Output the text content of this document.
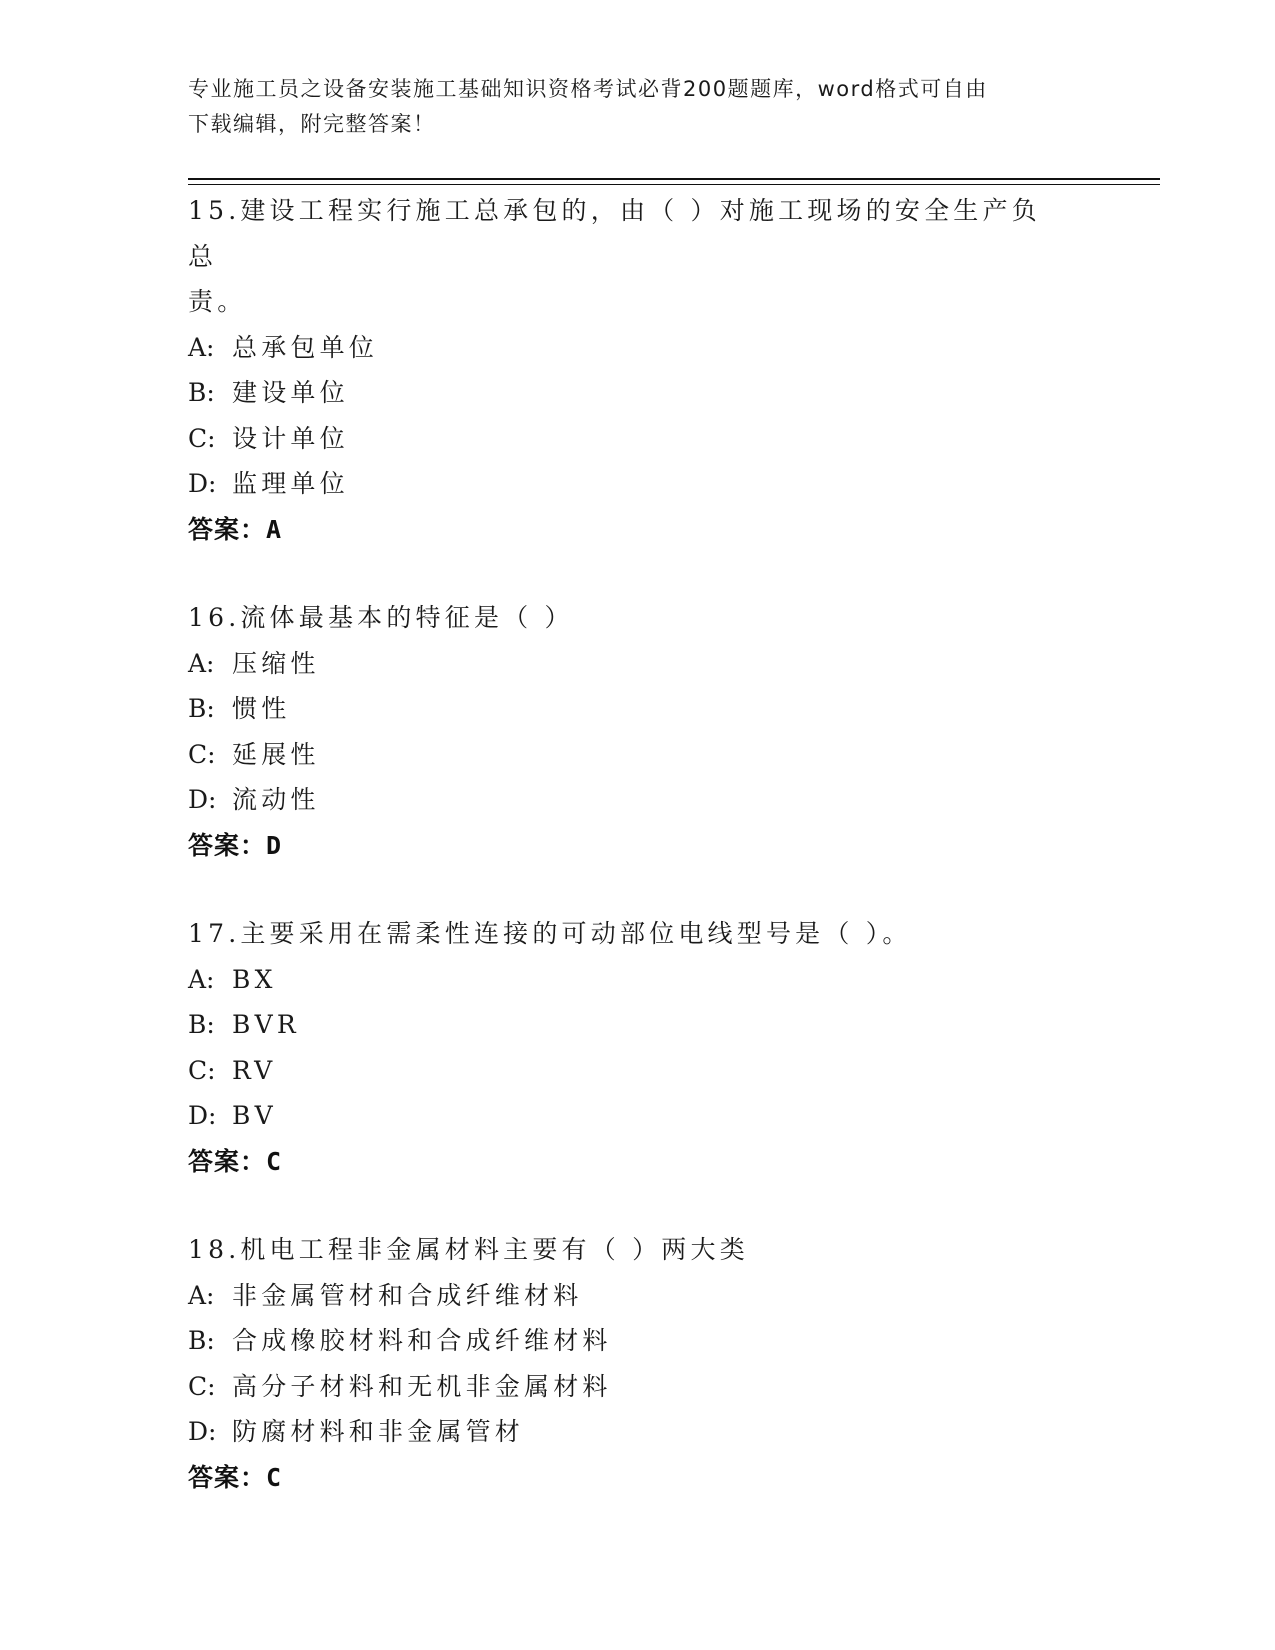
专业施工员之设备安装施工基础知识资格考试必背200题题库，word格式可自由
下载编辑，附完整答案！
15.建设工程实行施工总承包的，由（ ）对施工现场的安全生产负总
责。
A: 总承包单位
B: 建设单位
C: 设计单位
D: 监理单位
答案：A
16.流体最基本的特征是（ ）
A: 压缩性
B: 惯性
C: 延展性
D: 流动性
答案：D
17.主要采用在需柔性连接的可动部位电线型号是（ ）。
A: BX
B: BVR
C: RV
D: BV
答案：C
18.机电工程非金属材料主要有（ ）两大类
A: 非金属管材和合成纤维材料
B: 合成橡胶材料和合成纤维材料
C: 高分子材料和无机非金属材料
D: 防腐材料和非金属管材
答案：C
